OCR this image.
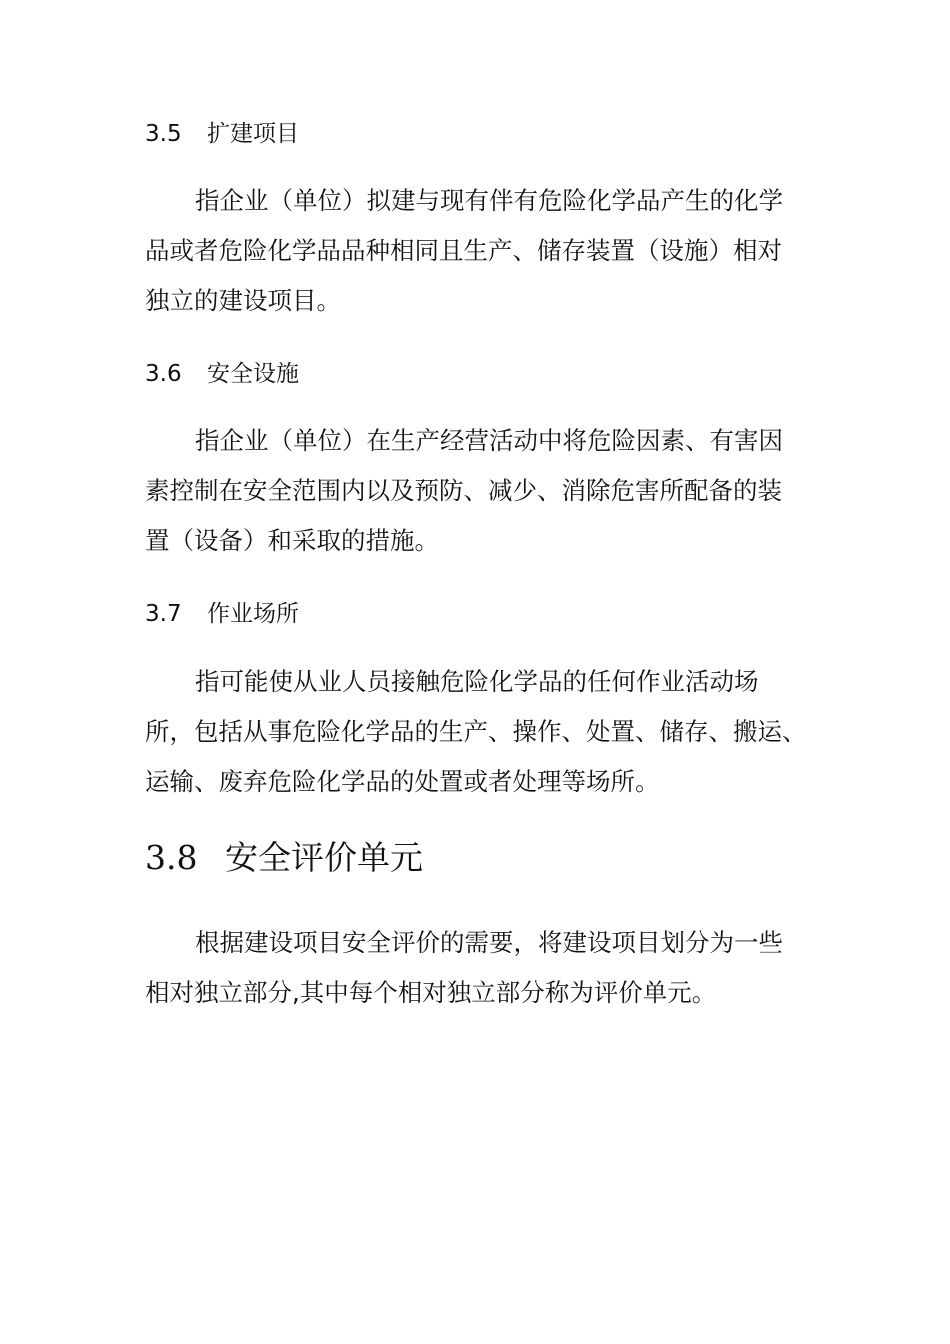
3.5 扩建项目
指企业（单位）拟建与现有伴有危险化学品产生的化学
品或者危险化学品品种相同且生产、储存装置（设施）相对
独立的建设项目。
3.6 安全设施
指企业（单位）在生产经营活动中将危险因素、有害因
素控制在安全范围内以及预防、减少、消除危害所配备的装
置（设备）和采取的措施。
3.7 作业场所
指可能使从业人员接触危险化学品的任何作业活动场
所，包括从事危险化学品的生产、操作、处置、储存、搬运、
运输、废弃危险化学品的处置或者处理等场所。
3.8 安全评价单元
根据建设项目安全评价的需要，将建设项目划分为一些
相对独立部分,其中每个相对独立部分称为评价单元。
